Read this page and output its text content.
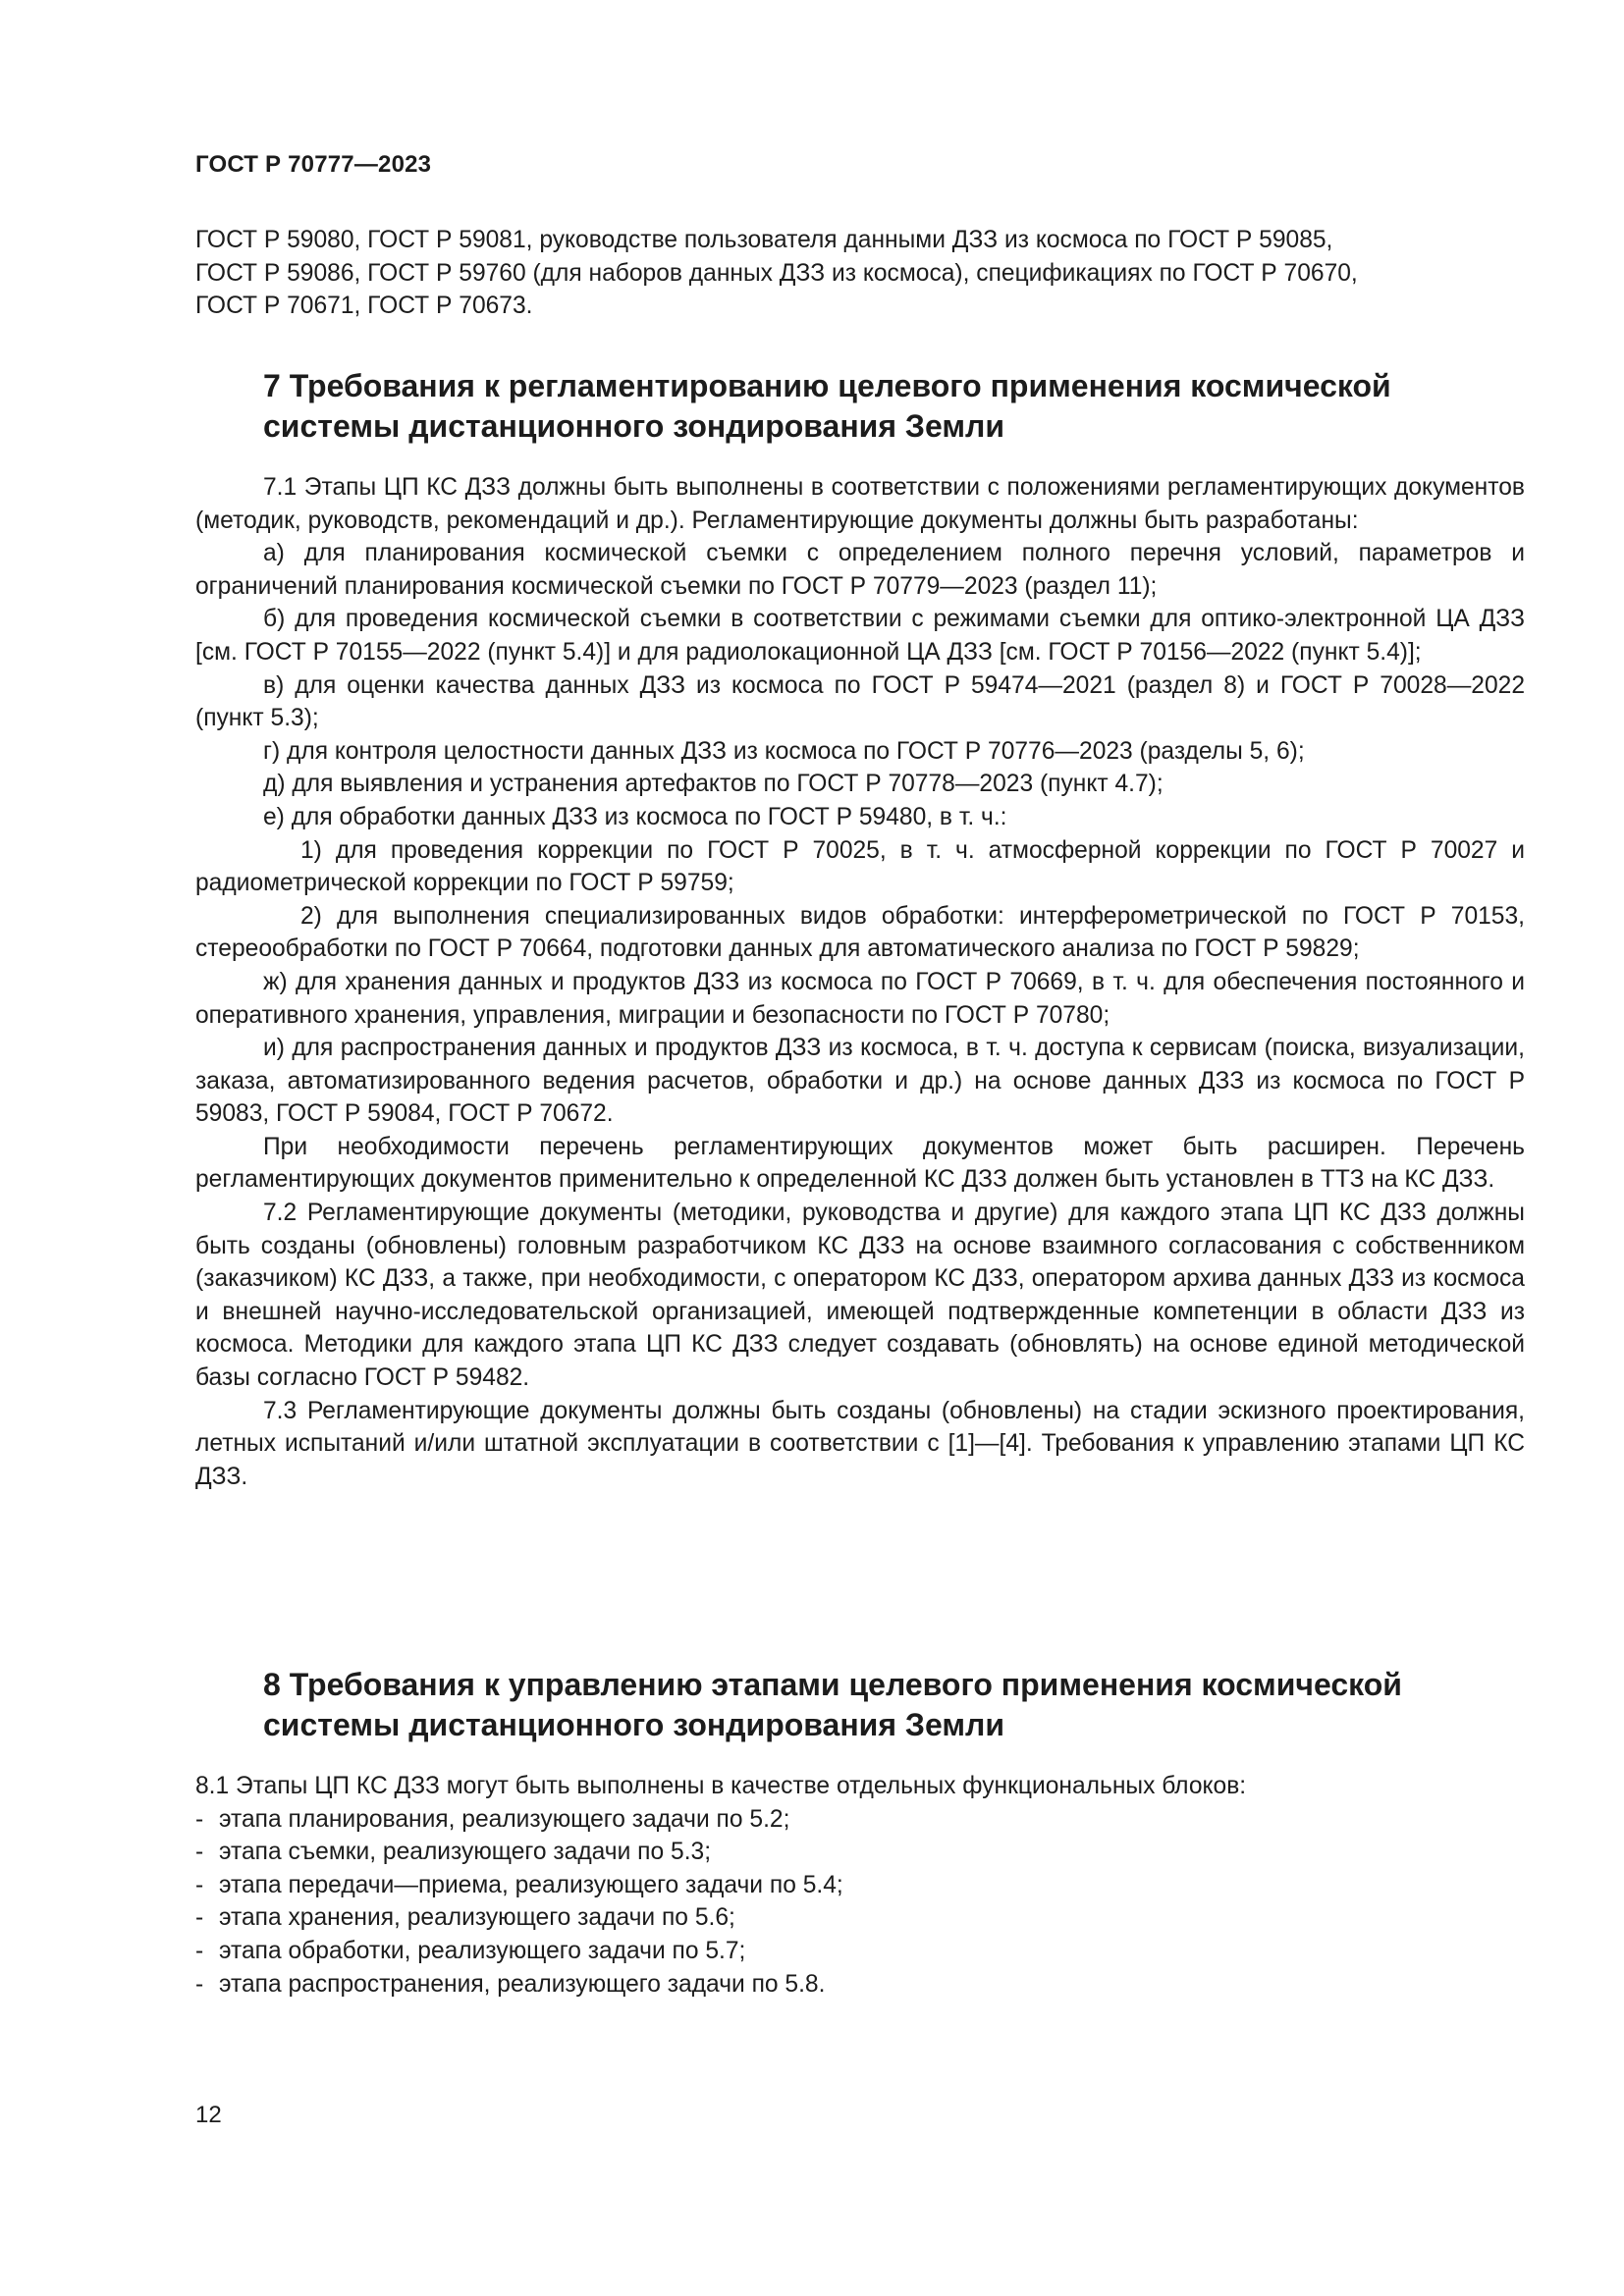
ГОСТ Р 70777—2023

ГОСТ Р 59080, ГОСТ Р 59081, руководстве пользователя данными ДЗЗ из космоса по ГОСТ Р 59085,

ГОСТ Р 59086, ГОСТ Р 59760 (для наборов данных ДЗЗ из космоса), спецификациях по ГОСТ Р 70670,

ГОСТ Р 70671, ГОСТ Р 70673.

7 Требования к регламентированию целевого применения космической
системы дистанционного зондирования Земли

7.1 Этапы ЦП КС ДЗЗ должны быть выполнены в соответствии с положениями регламентирующих документов (методик, руководств, рекомендаций и др.). Регламентирующие документы должны быть разработаны:

а) для планирования космической съемки с определением полного перечня условий, параметров и ограничений планирования космической съемки по ГОСТ Р 70779—2023 (раздел 11);

б) для проведения космической съемки в соответствии с режимами съемки для оптико-электронной ЦА ДЗЗ [см. ГОСТ Р 70155—2022 (пункт 5.4)] и для радиолокационной ЦА ДЗЗ [см. ГОСТ Р 70156—2022 (пункт 5.4)];

в) для оценки качества данных ДЗЗ из космоса по ГОСТ Р 59474—2021 (раздел 8) и ГОСТ Р 70028—2022 (пункт 5.3);

г) для контроля целостности данных ДЗЗ из космоса по ГОСТ Р 70776—2023 (разделы 5, 6);

д) для выявления и устранения артефактов по ГОСТ Р 70778—2023 (пункт 4.7);

е) для обработки данных ДЗЗ из космоса по ГОСТ Р 59480, в т. ч.:

1) для проведения коррекции по ГОСТ Р 70025, в т. ч. атмосферной коррекции по ГОСТ Р 70027 и радиометрической коррекции по ГОСТ Р 59759;

2) для выполнения специализированных видов обработки: интерферометрической по ГОСТ Р 70153, стереообработки по ГОСТ Р 70664, подготовки данных для автоматического анализа по ГОСТ Р 59829;

ж) для хранения данных и продуктов ДЗЗ из космоса по ГОСТ Р 70669, в т. ч. для обеспечения постоянного и оперативного хранения, управления, миграции и безопасности по ГОСТ Р 70780;

и) для распространения данных и продуктов ДЗЗ из космоса, в т. ч. доступа к сервисам (поиска, визуализации, заказа, автоматизированного ведения расчетов, обработки и др.) на основе данных ДЗЗ из космоса по ГОСТ Р 59083, ГОСТ Р 59084, ГОСТ Р 70672.

При необходимости перечень регламентирующих документов может быть расширен. Перечень регламентирующих документов применительно к определенной КС ДЗЗ должен быть установлен в ТТЗ на КС ДЗЗ.

7.2 Регламентирующие документы (методики, руководства и другие) для каждого этапа ЦП КС ДЗЗ должны быть созданы (обновлены) головным разработчиком КС ДЗЗ на основе взаимного согласования с собственником (заказчиком) КС ДЗЗ, а также, при необходимости, с оператором КС ДЗЗ, оператором архива данных ДЗЗ из космоса и внешней научно-исследовательской организацией, имеющей подтвержденные компетенции в области ДЗЗ из космоса. Методики для каждого этапа ЦП КС ДЗЗ следует создавать (обновлять) на основе единой методической базы согласно ГОСТ Р 59482.

7.3 Регламентирующие документы должны быть созданы (обновлены) на стадии эскизного проектирования, летных испытаний и/или штатной эксплуатации в соответствии с [1]—[4]. Требования к управлению этапами ЦП КС ДЗЗ.

8 Требования к управлению этапами целевого применения космической
системы дистанционного зондирования Земли

8.1 Этапы ЦП КС ДЗЗ могут быть выполнены в качестве отдельных функциональных блоков:

- этапа планирования, реализующего задачи по 5.2;

- этапа съемки, реализующего задачи по 5.3;

- этапа передачи—приема, реализующего задачи по 5.4;

- этапа хранения, реализующего задачи по 5.6;

- этапа обработки, реализующего задачи по 5.7;

- этапа распространения, реализующего задачи по 5.8.

12
